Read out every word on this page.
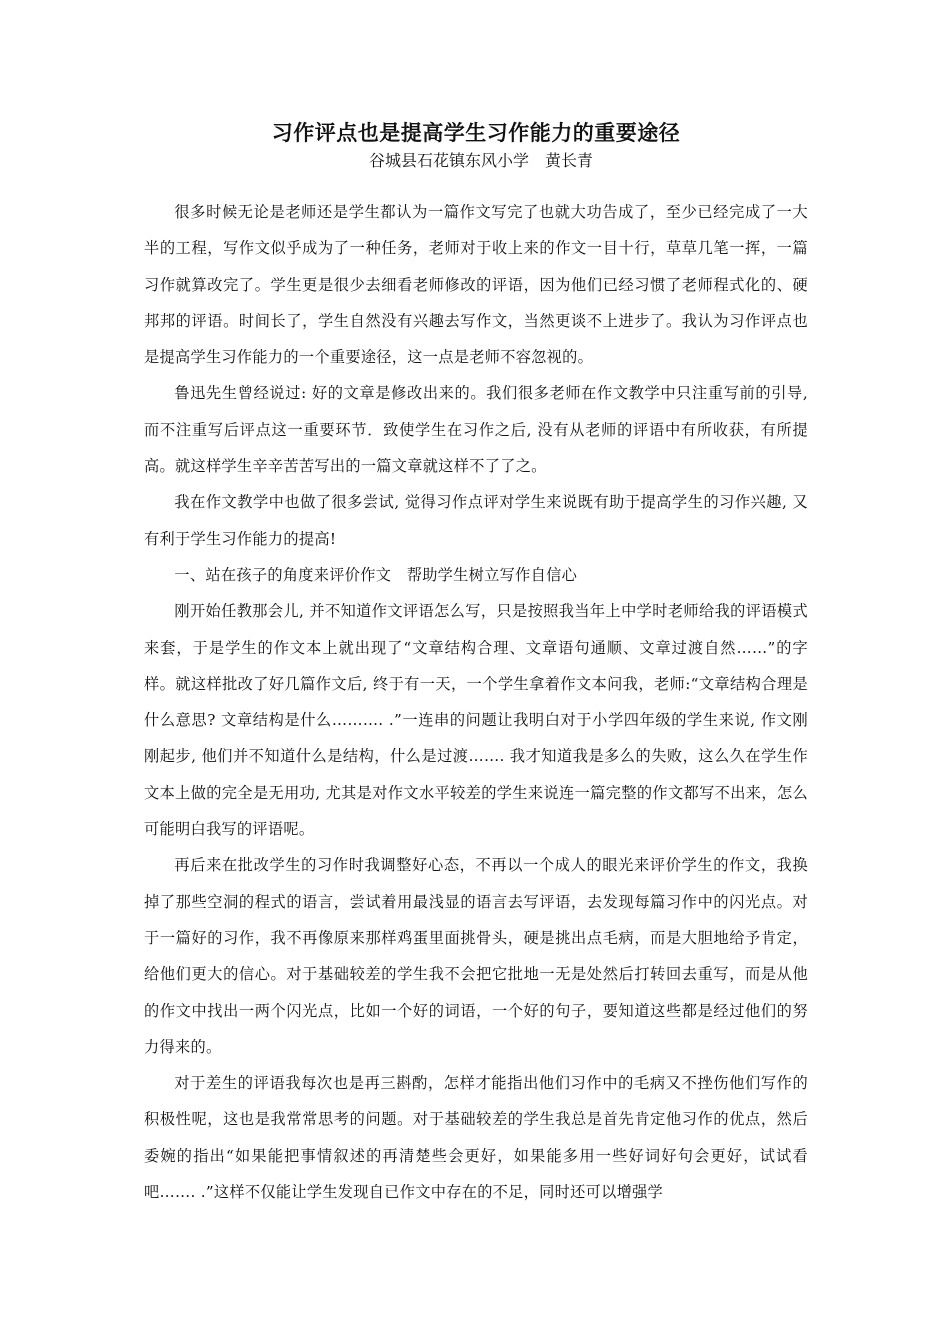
习作评点也是提高学生习作能力的重要途径

谷城县石花镇东风小学 黄长青

很多时候无论是老师还是学生都认为一篇作文写完了也就大功告成了，至少已经完成了一大半的工程，写作文似乎成为了一种任务，老师对于收上来的作文一目十行，草草几笔一挥，一篇习作就算改完了。学生更是很少去细看老师修改的评语，因为他们已经习惯了老师程式化的、硬邦邦的评语。时间长了，学生自然没有兴趣去写作文，当然更谈不上进步了。我认为习作评点也是提高学生习作能力的一个重要途径，这一点是老师不容忽视的。

鲁迅先生曾经说过: 好的文章是修改出来的。我们很多老师在作文教学中只注重写前的引导, 而不注重写后评点这一重要环节．致使学生在习作之后, 没有从老师的评语中有所收获，有所提高。就这样学生辛辛苦苦写出的一篇文章就这样不了了之。

我在作文教学中也做了很多尝试, 觉得习作点评对学生来说既有助于提高学生的习作兴趣, 又有利于学生习作能力的提高!

一、站在孩子的角度来评价作文　帮助学生树立写作自信心

刚开始任教那会儿, 并不知道作文评语怎么写，只是按照我当年上中学时老师给我的评语模式来套，于是学生的作文本上就出现了“文章结构合理、文章语句通顺、文章过渡自然……”的字样。就这样批改了好几篇作文后, 终于有一天，一个学生拿着作文本问我，老师:“文章结构合理是什么意思? 文章结构是什么………. .”一连串的问题让我明白对于小学四年级的学生来说, 作文刚刚起步, 他们并不知道什么是结构，什么是过渡……. 我才知道我是多么的失败，这么久在学生作文本上做的完全是无用功, 尤其是对作文水平较差的学生来说连一篇完整的作文都写不出来，怎么可能明白我写的评语呢。

再后来在批改学生的习作时我调整好心态，不再以一个成人的眼光来评价学生的作文，我换掉了那些空洞的程式的语言，尝试着用最浅显的语言去写评语，去发现每篇习作中的闪光点。对于一篇好的习作，我不再像原来那样鸡蛋里面挑骨头，硬是挑出点毛病，而是大胆地给予肯定，给他们更大的信心。对于基础较差的学生我不会把它批地一无是处然后打转回去重写，而是从他的作文中找出一两个闪光点，比如一个好的词语，一个好的句子，要知道这些都是经过他们的努力得来的。

对于差生的评语我每次也是再三斟酌，怎样才能指出他们习作中的毛病又不挫伤他们写作的积极性呢，这也是我常常思考的问题。对于基础较差的学生我总是首先肯定他习作的优点，然后委婉的指出“如果能把事情叙述的再清楚些会更好，如果能多用一些好词好句会更好，试试看吧……. .”这样不仅能让学生发现自已作文中存在的不足，同时还可以增强学
